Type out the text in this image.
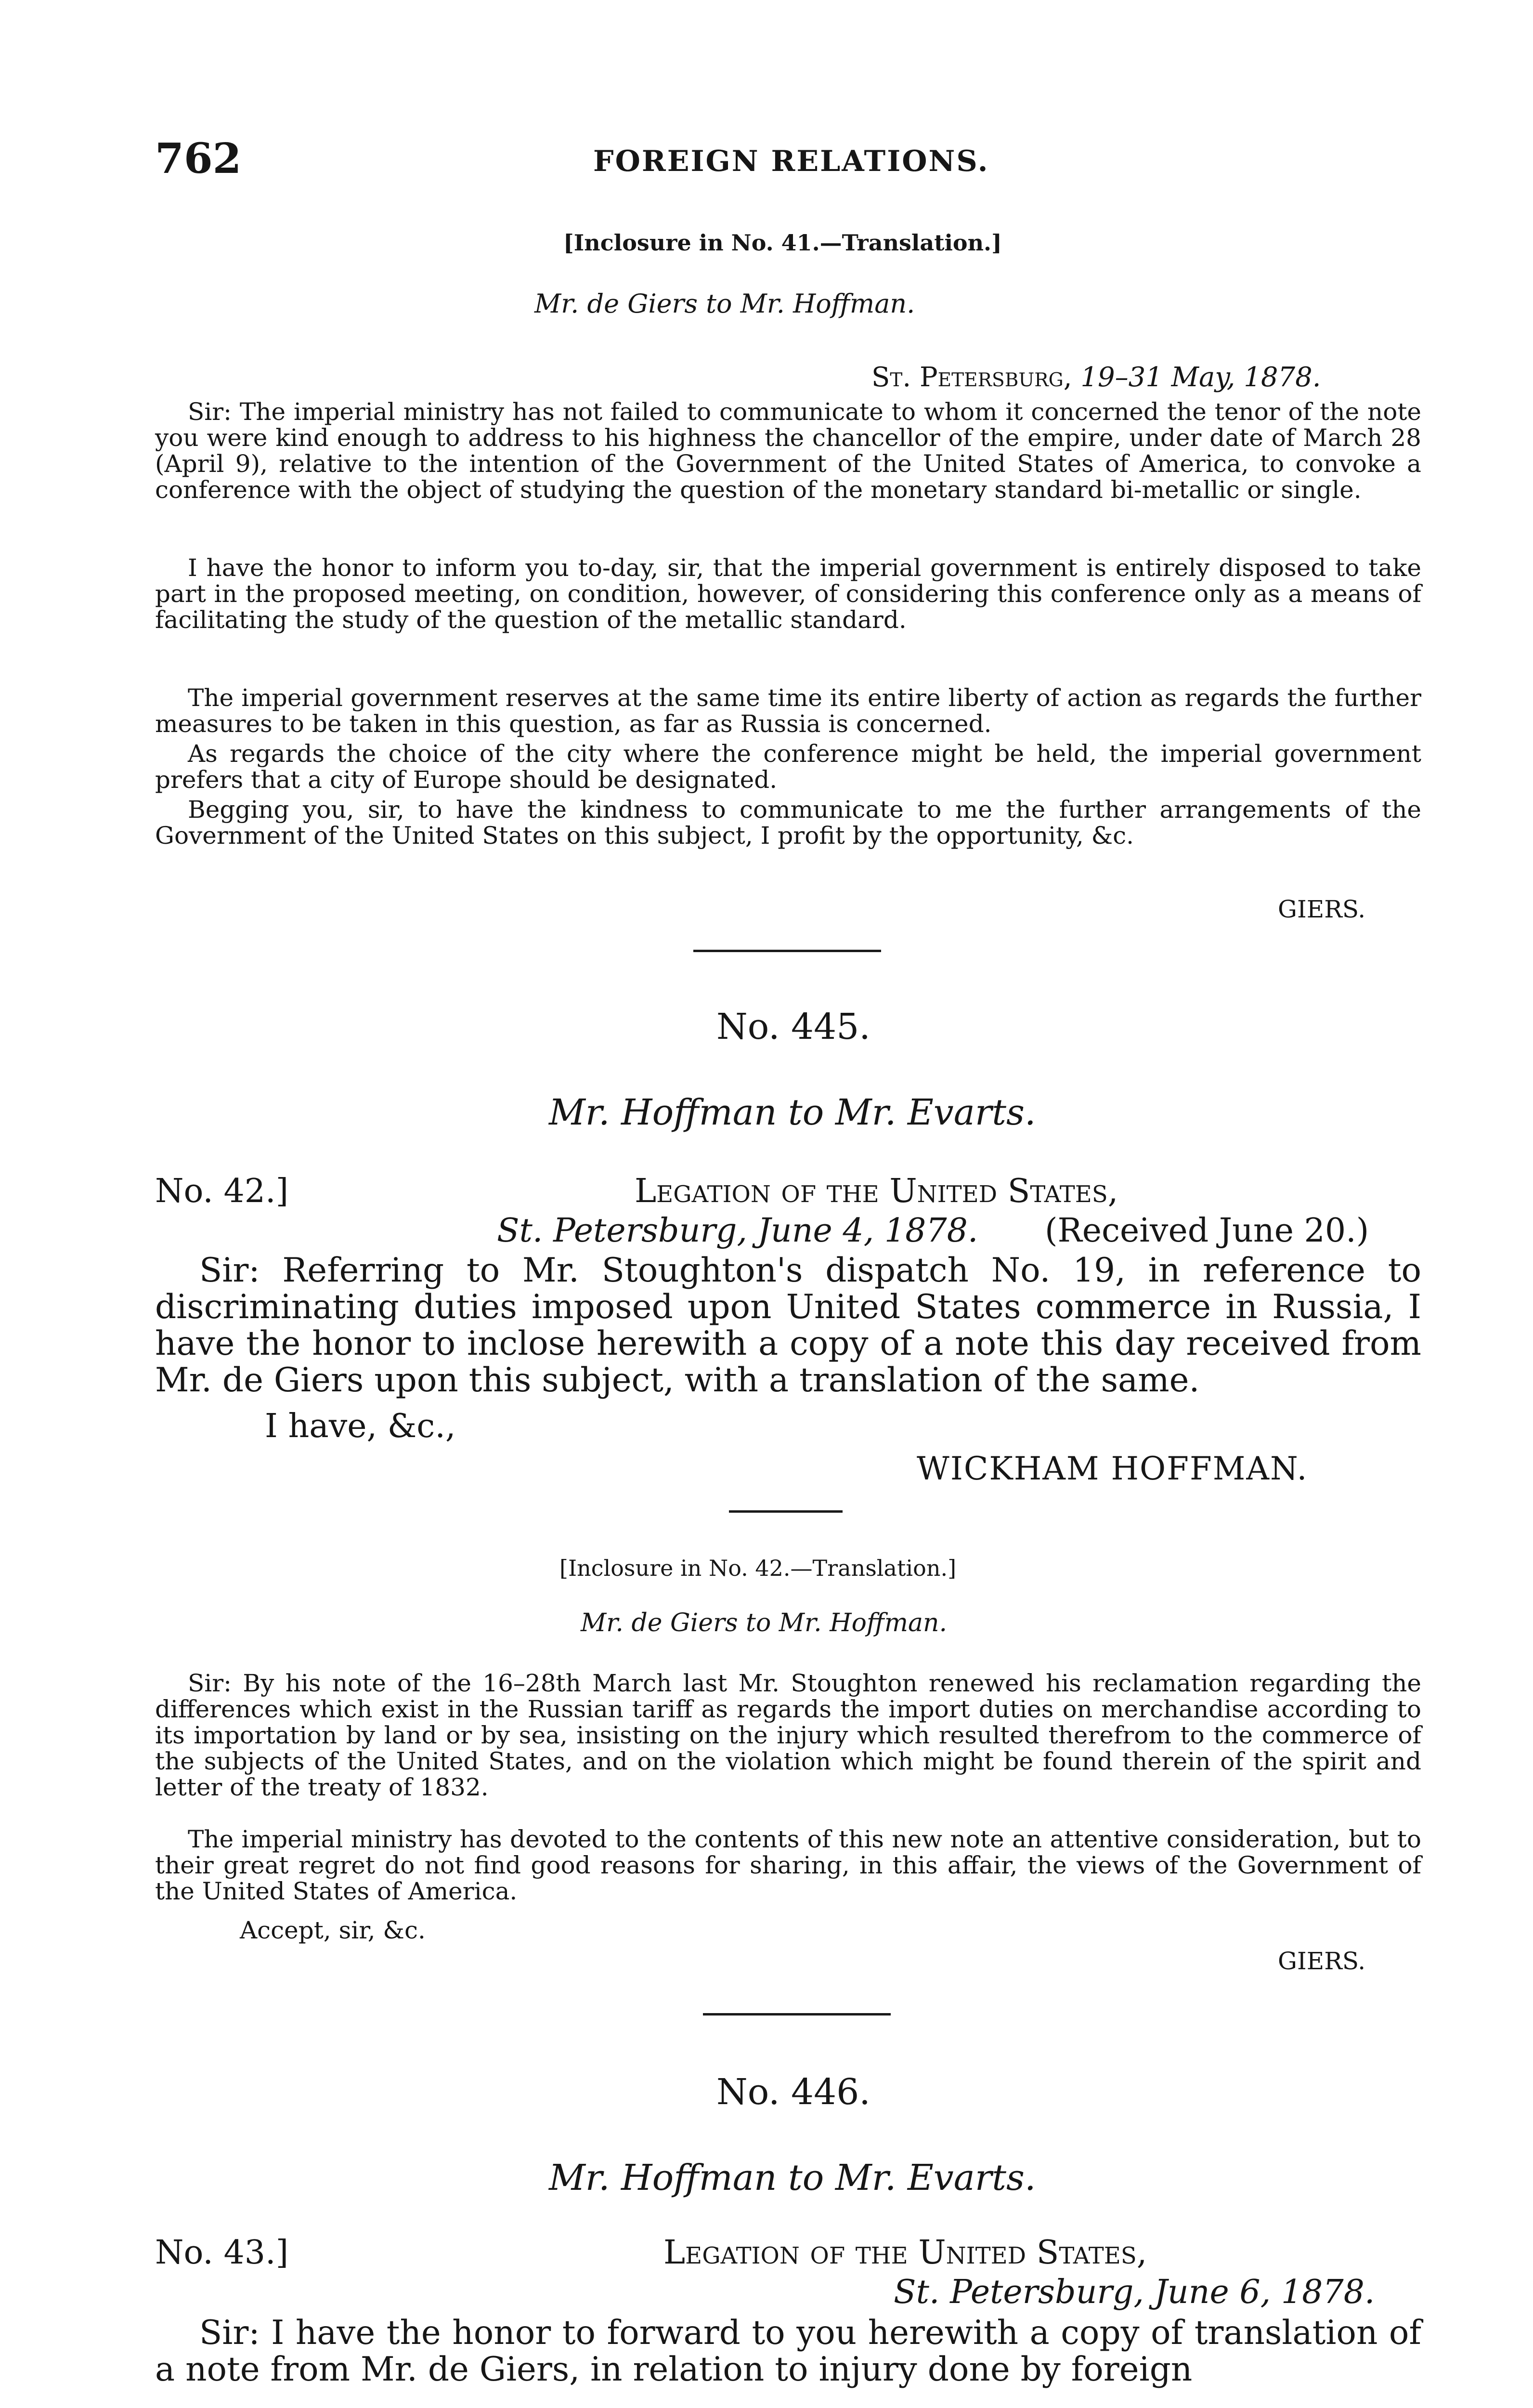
762	FOREIGN RELATIONS.
[Inclosure in No. 41.—Translation.]
Mr. de Giers to Mr. Hoffman.
St. Petersburg, 19–31 May, 1878.

Sir: The imperial ministry has not failed to communicate to whom it concerned the tenor of the note you were kind enough to address to his highness the chancellor of the empire, under date of March 28 (April 9), relative to the intention of the Government of the United States of America, to convoke a conference with the object of studying the question of the monetary standard bi-metallic or single.

I have the honor to inform you to-day, sir, that the imperial government is entirely disposed to take part in the proposed meeting, on condition, however, of considering this conference only as a means of facilitating the study of the question of the metallic standard.

The imperial government reserves at the same time its entire liberty of action as regards the further measures to be taken in this question, as far as Russia is concerned.

As regards the choice of the city where the conference might be held, the imperial government prefers that a city of Europe should be designated.

Begging you, sir, to have the kindness to communicate to me the further arrangements of the Government of the United States on this subject, I profit by the opportunity, &c.

GIERS.
No. 445.
Mr. Hoffman to Mr. Evarts.
No. 42.]	Legation of the United States,
St. Petersburg, June 4, 1878. (Received June 20.)

Sir: Referring to Mr. Stoughton's dispatch No. 19, in reference to discriminating duties imposed upon United States commerce in Russia, I have the honor to inclose herewith a copy of a note this day received from Mr. de Giers upon this subject, with a translation of the same.

I have, &c.,
WICKHAM HOFFMAN.
[Inclosure in No. 42.—Translation.]
Mr. de Giers to Mr. Hoffman.

Sir: By his note of the 16–28th March last Mr. Stoughton renewed his reclamation regarding the differences which exist in the Russian tariff as regards the import duties on merchandise according to its importation by land or by sea, insisting on the injury which resulted therefrom to the commerce of the subjects of the United States, and on the violation which might be found therein of the spirit and letter of the treaty of 1832.

The imperial ministry has devoted to the contents of this new note an attentive consideration, but to their great regret do not find good reasons for sharing, in this affair, the views of the Government of the United States of America.

Accept, sir, &c.
GIERS.
No. 446.
Mr. Hoffman to Mr. Evarts.
No. 43.]	Legation of the United States,
St. Petersburg, June 6, 1878.

Sir: I have the honor to forward to you herewith a copy of translation of a note from Mr. de Giers, in relation to injury done by foreign
